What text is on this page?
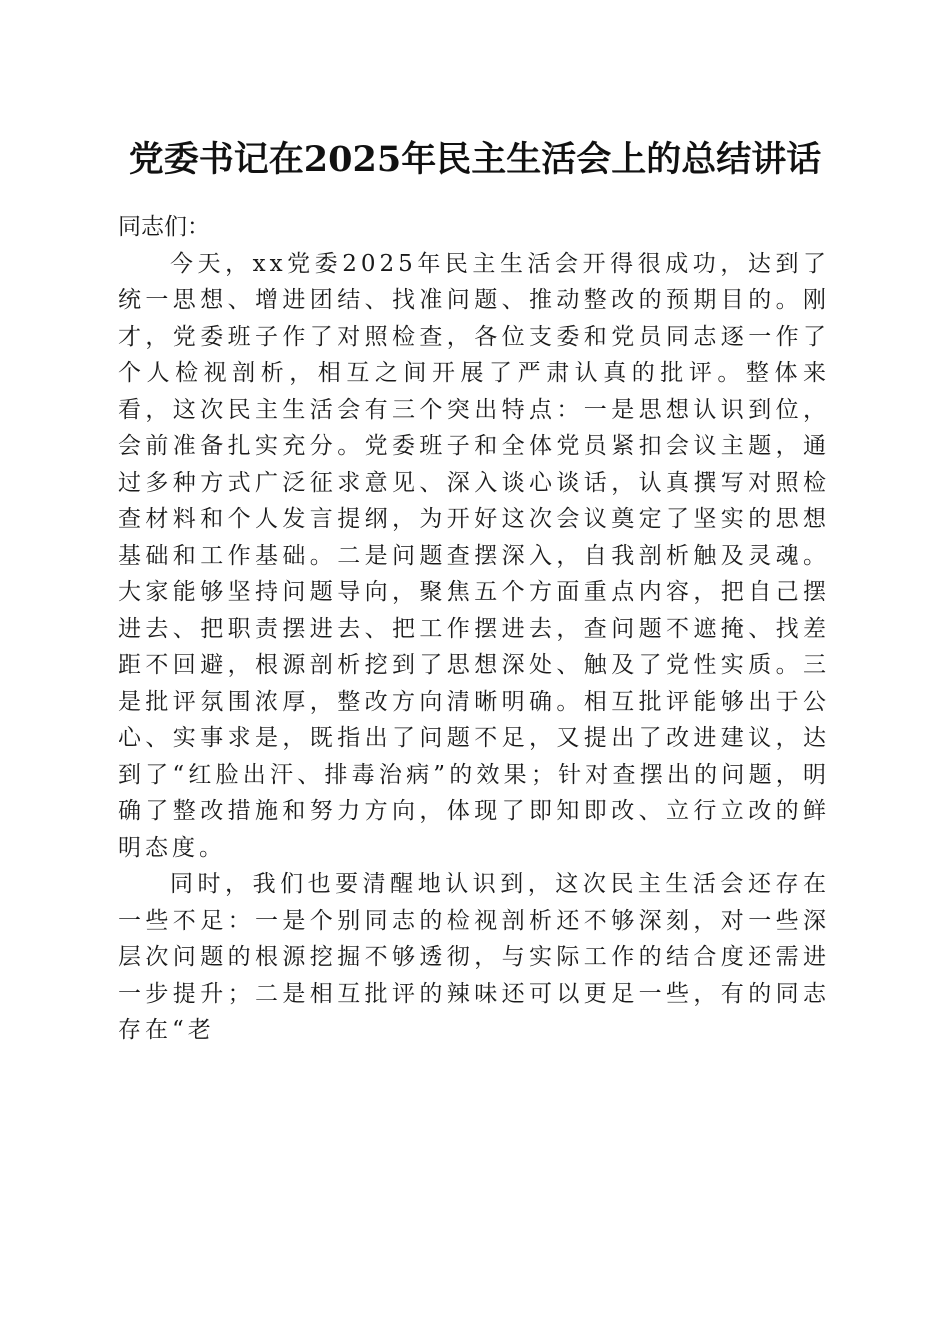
党委书记在2025年民主生活会上的总结讲话

同志们：

今天，xx党委2025年民主生活会开得很成功，达到了统一思想、增进团结、找准问题、推动整改的预期目的。刚才，党委班子作了对照检查，各位支委和党员同志逐一作了个人检视剖析，相互之间开展了严肃认真的批评。整体来看，这次民主生活会有三个突出特点：一是思想认识到位，会前准备扎实充分。党委班子和全体党员紧扣会议主题，通过多种方式广泛征求意见、深入谈心谈话，认真撰写对照检查材料和个人发言提纲，为开好这次会议奠定了坚实的思想基础和工作基础。二是问题查摆深入，自我剖析触及灵魂。大家能够坚持问题导向，聚焦五个方面重点内容，把自己摆进去、把职责摆进去、把工作摆进去，查问题不遮掩、找差距不回避，根源剖析挖到了思想深处、触及了党性实质。三是批评氛围浓厚，整改方向清晰明确。相互批评能够出于公心、实事求是，既指出了问题不足，又提出了改进建议，达到了“红脸出汗、排毒治病”的效果；针对查摆出的问题，明确了整改措施和努力方向，体现了即知即改、立行立改的鲜明态度。

同时，我们也要清醒地认识到，这次民主生活会还存在一些不足：一是个别同志的检视剖析还不够深刻，对一些深层次问题的根源挖掘不够透彻，与实际工作的结合度还需进一步提升；二是相互批评的辣味还可以更足一些，有的同志存在“老
